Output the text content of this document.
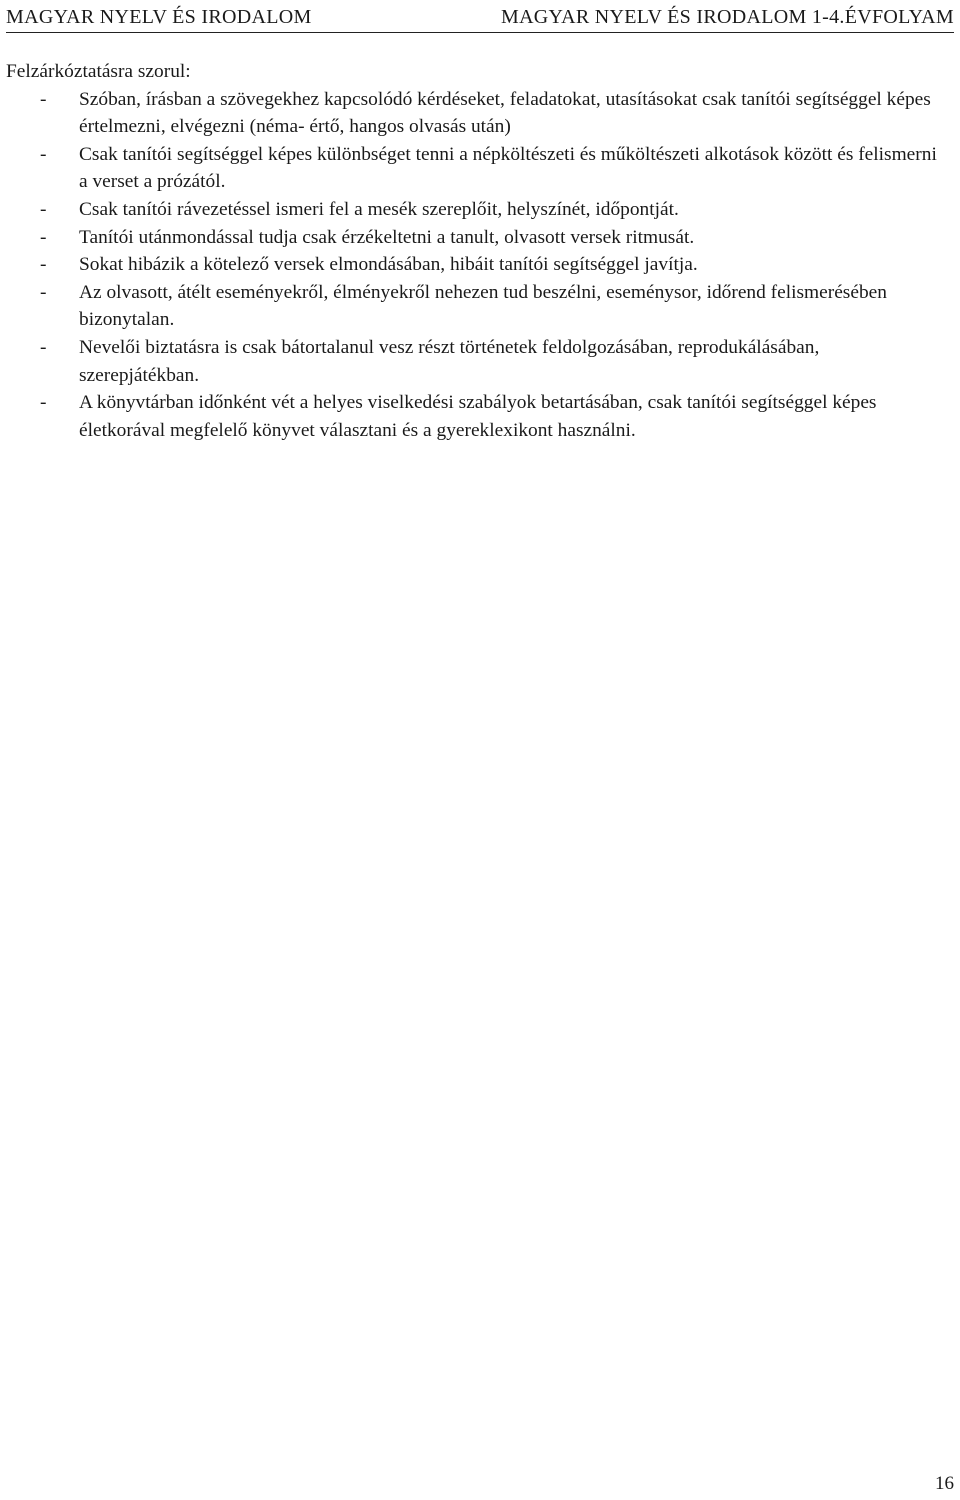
MAGYAR NYELV ÉS IRODALOM	MAGYAR NYELV ÉS IRODALOM 1-4.ÉVFOLYAM

Felzárkóztatásra szorul:

- Szóban, írásban a szövegekhez kapcsolódó kérdéseket, feladatokat, utasításokat csak tanítói segítséggel képes értelmezni, elvégezni (néma- értő, hangos olvasás után)
- Csak tanítói segítséggel képes különbséget tenni a népköltészeti és műköltészeti alkotások között és felismerni a verset a prózától.
- Csak tanítói rávezetéssel ismeri fel a mesék szereplőit, helyszínét, időpontját.
- Tanítói utánmondással tudja csak érzékeltetni a tanult, olvasott versek ritmusát.
- Sokat hibázik a kötelező versek elmondásában, hibáit tanítói segítséggel javítja.
- Az olvasott, átélt eseményekről, élményekről nehezen tud beszélni, eseménysor, időrend felismerésében bizonytalan.
- Nevelői biztatásra is csak bátortalanul vesz részt történetek feldolgozásában, reprodukálásában, szerepjátékban.
- A könyvtárban időnként vét a helyes viselkedési szabályok betartásában, csak tanítói segítséggel képes életkorával megfelelő könyvet választani és a gyereklexikont használni.
16
